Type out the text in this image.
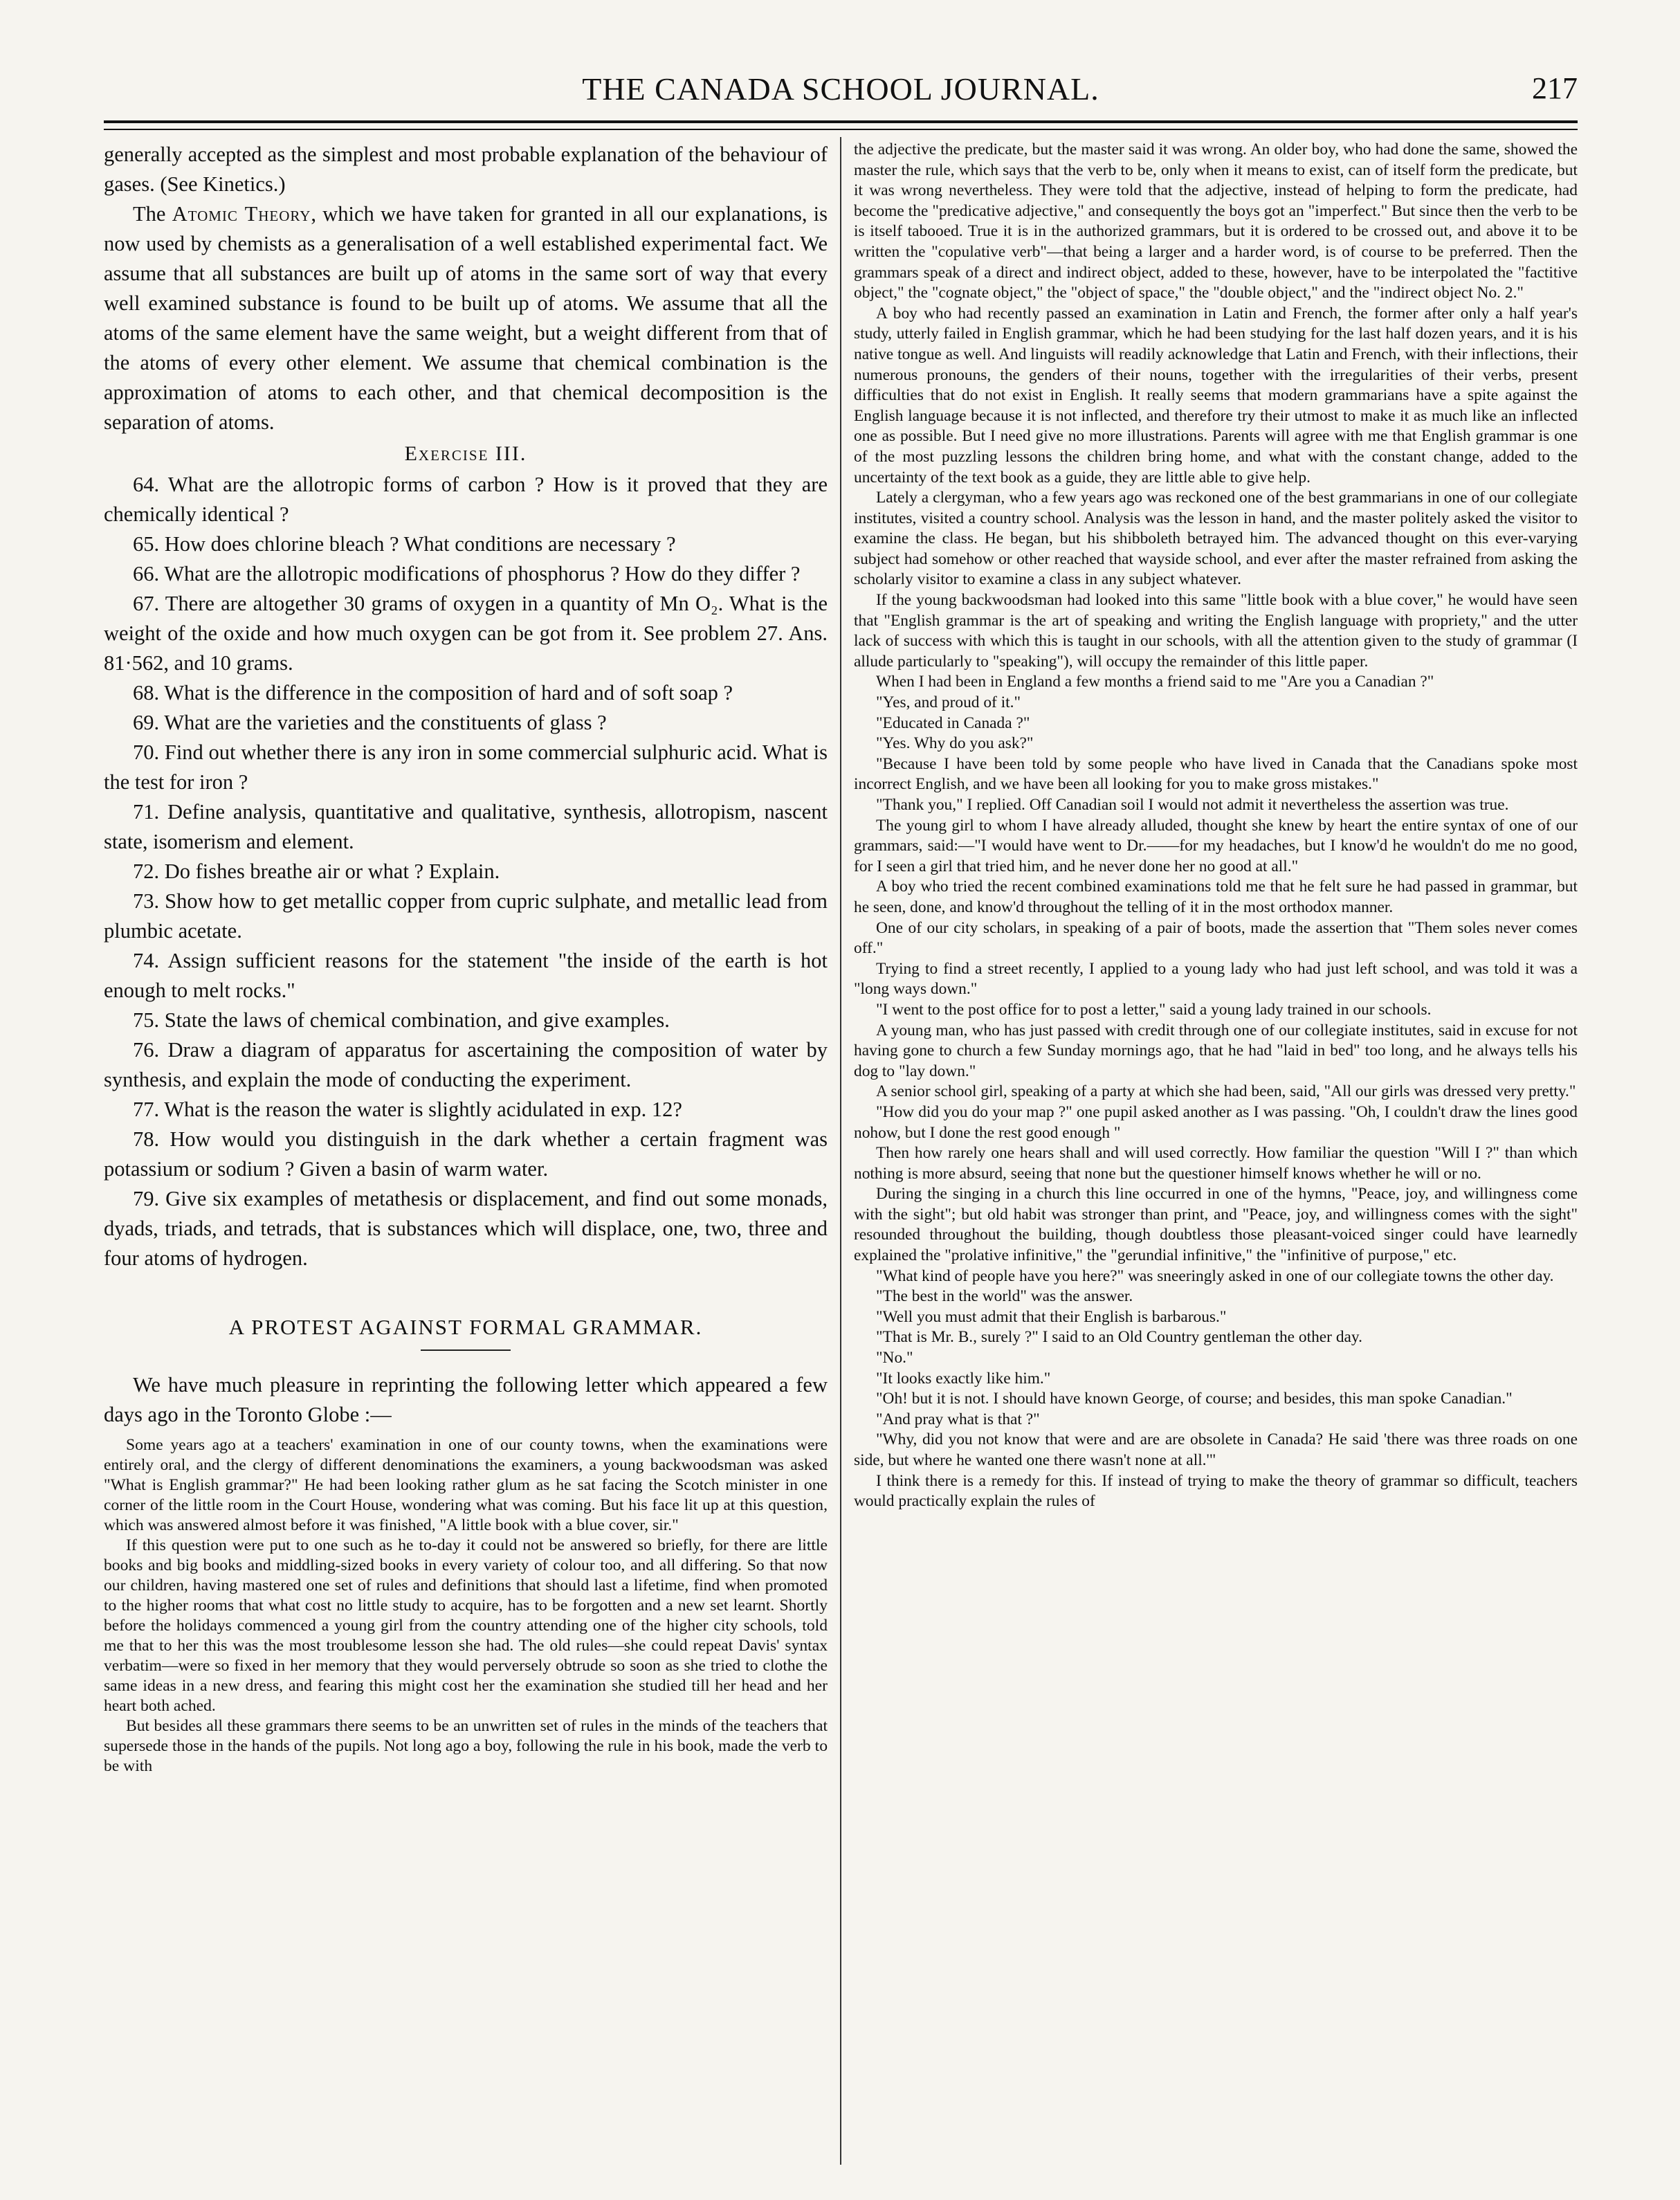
THE CANADA SCHOOL JOURNAL.	217

generally accepted as the simplest and most probable explanation of the behaviour of gases. (See Kinetics.)

The Atomic Theory, which we have taken for granted in all our explanations, is now used by chemists as a generalisation of a well established experimental fact. We assume that all substances are built up of atoms in the same sort of way that every well examined substance is found to be built up of atoms. We assume that all the atoms of the same element have the same weight, but a weight different from that of the atoms of every other element. We assume that chemical combination is the approximation of atoms to each other, and that chemical decomposition is the separation of atoms.

Exercise III.

64. What are the allotropic forms of carbon ? How is it proved that they are chemically identical ?

65. How does chlorine bleach ? What conditions are necessary ?

66. What are the allotropic modifications of phosphorus ? How do they differ ?

67. There are altogether 30 grams of oxygen in a quantity of Mn O₂. What is the weight of the oxide and how much oxygen can be got from it. See problem 27. Ans. 81·562, and 10 grams.

68. What is the difference in the composition of hard and of soft soap ?

69. What are the varieties and the constituents of glass ?

70. Find out whether there is any iron in some commercial sulphuric acid. What is the test for iron ?

71. Define analysis, quantitative and qualitative, synthesis, allotropism, nascent state, isomerism and element.

72. Do fishes breathe air or what ? Explain.

73. Show how to get metallic copper from cupric sulphate, and metallic lead from plumbic acetate.

74. Assign sufficient reasons for the statement "the inside of the earth is hot enough to melt rocks."

75. State the laws of chemical combination, and give examples.

76. Draw a diagram of apparatus for ascertaining the composition of water by synthesis, and explain the mode of conducting the experiment.

77. What is the reason the water is slightly acidulated in exp. 12?

78. How would you distinguish in the dark whether a certain fragment was potassium or sodium ? Given a basin of warm water.

79. Give six examples of metathesis or displacement, and find out some monads, dyads, triads, and tetrads, that is substances which will displace, one, two, three and four atoms of hydrogen.

A PROTEST AGAINST FORMAL GRAMMAR.

We have much pleasure in reprinting the following letter which appeared a few days ago in the Toronto Globe :—

Some years ago at a teachers' examination in one of our county towns, when the examinations were entirely oral, and the clergy of different denominations the examiners, a young backwoodsman was asked "What is English grammar?" He had been looking rather glum as he sat facing the Scotch minister in one corner of the little room in the Court House, wondering what was coming. But his face lit up at this question, which was answered almost before it was finished, "A little book with a blue cover, sir."

If this question were put to one such as he to-day it could not be answered so briefly, for there are little books and big books and middling-sized books in every variety of colour too, and all differing. So that now our children, having mastered one set of rules and definitions that should last a lifetime, find when promoted to the higher rooms that what cost no little study to acquire, has to be forgotten and a new set learnt. Shortly before the holidays commenced a young girl from the country attending one of the higher city schools, told me that to her this was the most troublesome lesson she had. The old rules—she could repeat Davis' syntax verbatim—were so fixed in her memory that they would perversely obtrude so soon as she tried to clothe the same ideas in a new dress, and fearing this might cost her the examination she studied till her head and her heart both ached.

But besides all these grammars there seems to be an unwritten set of rules in the minds of the teachers that supersede those in the hands of the pupils. Not long ago a boy, following the rule in his book, made the verb to be with

the adjective the predicate, but the master said it was wrong. An older boy, who had done the same, showed the master the rule, which says that the verb to be, only when it means to exist, can of itself form the predicate, but it was wrong nevertheless. They were told that the adjective, instead of helping to form the predicate, had become the "predicative adjective," and consequently the boys got an "imperfect." But since then the verb to be is itself tabooed. True it is in the authorized grammars, but it is ordered to be crossed out, and above it to be written the "copulative verb"—that being a larger and a harder word, is of course to be preferred. Then the grammars speak of a direct and indirect object, added to these, however, have to be interpolated the "factitive object," the "cognate object," the "object of space," the "double object," and the "indirect object No. 2."

A boy who had recently passed an examination in Latin and French, the former after only a half year's study, utterly failed in English grammar, which he had been studying for the last half dozen years, and it is his native tongue as well. And linguists will readily acknowledge that Latin and French, with their inflections, their numerous pronouns, the genders of their nouns, together with the irregularities of their verbs, present difficulties that do not exist in English. It really seems that modern grammarians have a spite against the English language because it is not inflected, and therefore try their utmost to make it as much like an inflected one as possible. But I need give no more illustrations. Parents will agree with me that English grammar is one of the most puzzling lessons the children bring home, and what with the constant change, added to the uncertainty of the text book as a guide, they are little able to give help.

Lately a clergyman, who a few years ago was reckoned one of the best grammarians in one of our collegiate institutes, visited a country school. Analysis was the lesson in hand, and the master politely asked the visitor to examine the class. He began, but his shibboleth betrayed him. The advanced thought on this ever-varying subject had somehow or other reached that wayside school, and ever after the master refrained from asking the scholarly visitor to examine a class in any subject whatever.

If the young backwoodsman had looked into this same "little book with a blue cover," he would have seen that "English grammar is the art of speaking and writing the English language with propriety," and the utter lack of success with which this is taught in our schools, with all the attention given to the study of grammar (I allude particularly to "speaking"), will occupy the remainder of this little paper.

When I had been in England a few months a friend said to me "Are you a Canadian ?"

"Yes, and proud of it."

"Educated in Canada ?"

"Yes. Why do you ask?"

"Because I have been told by some people who have lived in Canada that the Canadians spoke most incorrect English, and we have been all looking for you to make gross mistakes."

"Thank you," I replied. Off Canadian soil I would not admit it nevertheless the assertion was true.

The young girl to whom I have already alluded, thought she knew by heart the entire syntax of one of our grammars, said:—"I would have went to Dr.——for my headaches, but I know'd he wouldn't do me no good, for I seen a girl that tried him, and he never done her no good at all."

A boy who tried the recent combined examinations told me that he felt sure he had passed in grammar, but he seen, done, and know'd throughout the telling of it in the most orthodox manner.

One of our city scholars, in speaking of a pair of boots, made the assertion that "Them soles never comes off."

Trying to find a street recently, I applied to a young lady who had just left school, and was told it was a "long ways down."

"I went to the post office for to post a letter," said a young lady trained in our schools.

A young man, who has just passed with credit through one of our collegiate institutes, said in excuse for not having gone to church a few Sunday mornings ago, that he had "laid in bed" too long, and he always tells his dog to "lay down."

A senior school girl, speaking of a party at which she had been, said, "All our girls was dressed very pretty."

"How did you do your map ?" one pupil asked another as I was passing. "Oh, I couldn't draw the lines good nohow, but I done the rest good enough "

Then how rarely one hears shall and will used correctly. How familiar the question "Will I ?" than which nothing is more absurd, seeing that none but the questioner himself knows whether he will or no.

During the singing in a church this line occurred in one of the hymns, "Peace, joy, and willingness come with the sight"; but old habit was stronger than print, and "Peace, joy, and willingness comes with the sight" resounded throughout the building, though doubtless those pleasant-voiced singer could have learnedly explained the "prolative infinitive," the "gerundial infinitive," the "infinitive of purpose," etc.

"What kind of people have you here?" was sneeringly asked in one of our collegiate towns the other day.

"The best in the world" was the answer.

"Well you must admit that their English is barbarous."

"That is Mr. B., surely ?" I said to an Old Country gentleman the other day.

"No."

"It looks exactly like him."

"Oh! but it is not. I should have known George, of course; and besides, this man spoke Canadian."

"And pray what is that ?"

"Why, did you not know that were and are are obsolete in Canada? He said 'there was three roads on one side, but where he wanted one there wasn't none at all.'"

I think there is a remedy for this. If instead of trying to make the theory of grammar so difficult, teachers would practically explain the rules of
